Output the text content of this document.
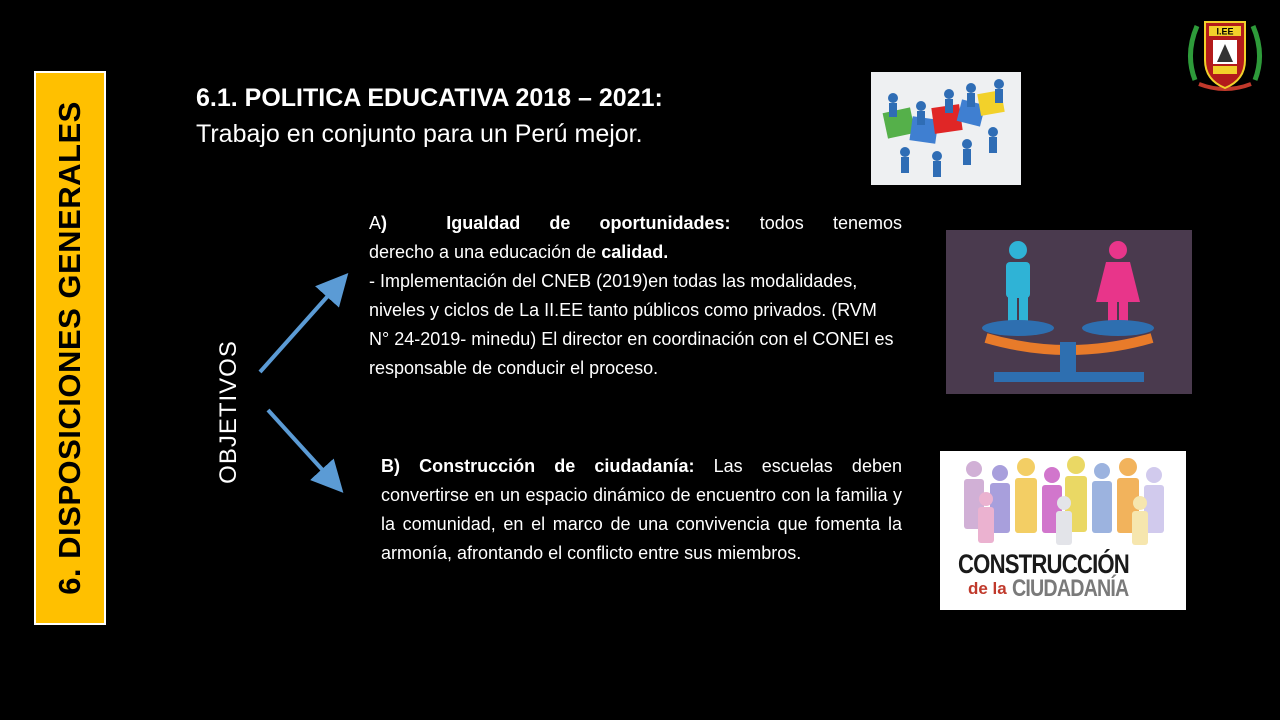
6. DISPOSICIONES GENERALES
6.1. POLITICA EDUCATIVA 2018 – 2021:
Trabajo en conjunto para un Perú mejor.
OBJETIVOS
A)	Igualdad de oportunidades: todos tenemos
derecho a una educación de calidad.
- Implementación del CNEB (2019)en todas las modalidades, niveles y ciclos de La II.EE tanto públicos como privados. (RVM N° 24-2019- minedu) El director en coordinación con el CONEI es responsable de conducir el proceso.
B) Construcción de ciudadanía: Las escuelas deben convertirse en un espacio dinámico de encuentro con la familia y la comunidad, en el marco de una convivencia que fomenta la armonía, afrontando el conflicto entre sus miembros.	CONSTRUCCIÓN
de la CIUDADANÍA
I.EE
